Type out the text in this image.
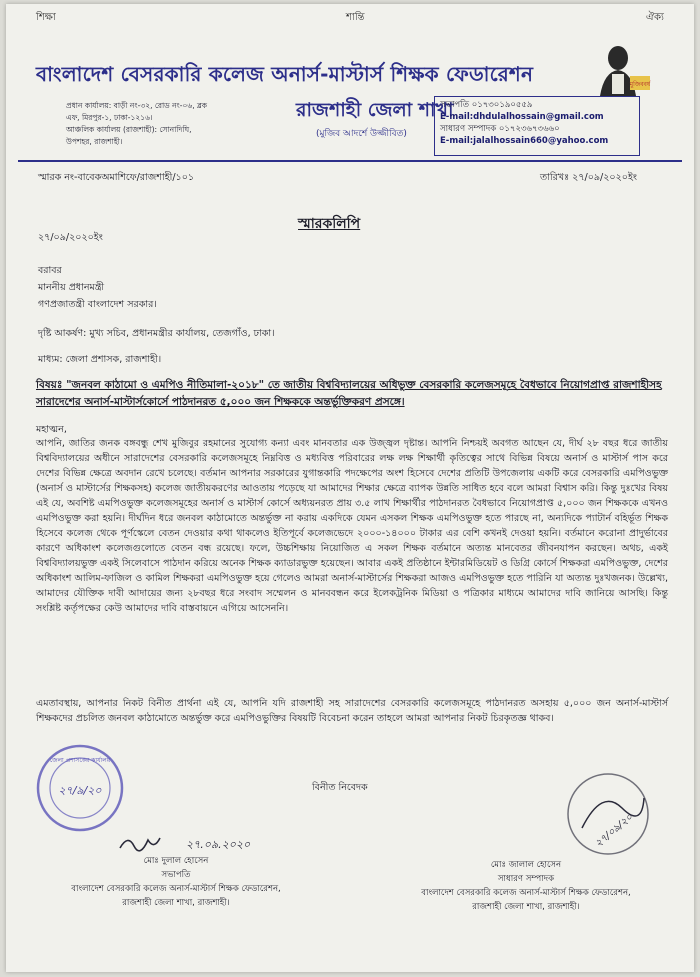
শিক্ষা	শান্তি	ঐক্য
মুজিববর্ষ
বাংলাদেশ বেসরকারি কলেজ অনার্স-মাস্টার্স শিক্ষক ফেডারেশন
প্রধান কার্যালয়: বাড়ী নং-৩২, রোড নং-০৬, ব্লক
এফ, মিরপুর-১, ঢাকা-১২১৬।
আঞ্চলিক কার্যালয় (রাজশাহী): সোনাদিঘি,
উপশহর, রাজশাহী।
রাজশাহী জেলা শাখা
(মুজিব আদর্শে উজ্জীবিত)
সভাপতি ০১৭৩০১৯০৫৫৯
E-mail:dhdulalhossain@gmail.com
সাধারণ সম্পাদক ০১৭২৩৬৭৩৬৬০
E-mail:jalalhossain660@yahoo.com
স্মারক নং-বাবেকঅমাশিফে/রাজশাহী/১০১	তারিখঃ ২৭/০৯/২০২০ইং
স্মারকলিপি
২৭/০৯/২০২০ইং
বরাবর
মাননীয় প্রধানমন্ত্রী
গণপ্রজাতন্ত্রী বাংলাদেশ সরকার।
দৃষ্টি আকর্ষণ: মুখ্য সচিব, প্রধানমন্ত্রীর কার্যালয়, তেজগাঁও, ঢাকা।
মাধ্যম: জেলা প্রশাসক, রাজশাহী।
বিষয়ঃ "জনবল কাঠামো ও এমপিও নীতিমালা-২০১৮" তে জাতীয় বিশ্ববিদ্যালয়ের অধিভুক্ত বেসরকারি কলেজসমূহে বৈধভাবে নিয়োগপ্রাপ্ত রাজশাহীসহ সারাদেশের অনার্স-মাস্টার্সকোর্সে পাঠদানরত ৫,০০০ জন শিক্ষককে অন্তর্ভুক্তিকরণ প্রসঙ্গে।
মহাত্মন,
আপনি, জাতির জনক বঙ্গবন্ধু শেখ মুজিবুর রহমানের সুযোগ্য কন্যা এবং মানবতার এক উজ্জ্বল দৃষ্টান্ত। আপনি নিশ্চয়ই অবগত আছেন যে, দীর্ঘ ২৮ বছর ধরে জাতীয় বিশ্ববিদ্যালয়ের অধীনে সারাদেশের বেসরকারি কলেজসমূহে নিম্নবিত্ত ও মধ্যবিত্ত পরিবারের লক্ষ লক্ষ শিক্ষার্থী কৃতিত্বের সাথে বিভিন্ন বিষয়ে অনার্স ও মাস্টার্স পাস করে দেশের বিভিন্ন ক্ষেত্রে অবদান রেখে চলেছে। বর্তমান আপনার সরকারের যুগান্তকারি পদক্ষেপের অংশ হিসেবে দেশের প্রতিটি উপজেলায় একটি করে বেসরকারি এমপিওভুক্ত (অনার্স ও মাস্টার্সের শিক্ষকসহ) কলেজ জাতীয়করণের আওতায় পড়েছে যা আমাদের শিক্ষার ক্ষেত্রে ব্যাপক উন্নতি সাধিত হবে বলে আমরা বিশ্বাস করি। কিন্তু দুঃখের বিষয় এই যে, অবশিষ্ট এমপিওভুক্ত কলেজসমূহের অনার্স ও মাস্টার্স কোর্সে অধ্যয়নরত প্রায় ৩.৫ লাখ শিক্ষার্থীর পাঠদানরত বৈধভাবে নিয়োগপ্রাপ্ত ৫,০০০ জন শিক্ষককে এখনও এমপিওভুক্ত করা হয়নি। দীর্ঘদিন ধরে জনবল কাঠামোতে অন্তর্ভুক্ত না করায় একদিকে যেমন এসকল শিক্ষক এমপিওভুক্ত হতে পারছে না, অন্যদিকে প্যাটার্ন বহির্ভূত শিক্ষক হিসেবে কলেজ থেকে পূর্ণস্কেলে বেতন দেওয়ার কথা থাকলেও ইতিপূর্বে কলেজভেদে ২০০০-১৪০০০ টাকার এর বেশি কখনই দেওয়া হয়নি। বর্তমানে করোনা প্রাদুর্ভাবের কারণে অধিকাংশ কলেজগুলোতে বেতন বন্ধ রয়েছে। ফলে, উচ্চশিক্ষায় নিয়োজিত এ সকল শিক্ষক বর্তমানে অত্যন্ত মানবেতর জীবনযাপন করছেন। অথচ, একই বিশ্ববিদ্যালয়ভুক্ত একই সিলেবাসে পাঠদান করিয়ে অনেক শিক্ষক ক্যাডারভুক্ত হয়েছেন। আবার একই প্রতিষ্ঠানে ইন্টারমিডিয়েট ও ডিগ্রি কোর্সে শিক্ষকরা এমপিওভুক্ত, দেশের অধিকাংশ আলিম-ফাজিল ও কামিল শিক্ষকরা এমপিওভুক্ত হয়ে গেলেও আমরা অনার্স-মাস্টার্সের শিক্ষকরা আজও এমপিওভুক্ত হতে পারিনি যা অত্যন্ত দুঃখজনক। উল্লেখ্য, আমাদের যৌক্তিক দাবী আদায়ের জন্য ২৮বছর ধরে সংবাদ সম্মেলন ও মানববন্ধন করে ইলেকট্রনিক মিডিয়া ও পত্রিকার মাধ্যমে আমাদের দাবি জানিয়ে আসছি। কিন্তু সংশ্লিষ্ট কর্তৃপক্ষের কেউ আমাদের দাবি বাস্তবায়নে এগিয়ে আসেননি।
এমতাবস্থায়, আপনার নিকট বিনীত প্রার্থনা এই যে, আপনি যদি রাজশাহী সহ সারাদেশের বেসরকারি কলেজসমূহে পাঠদানরত অসহায় ৫,০০০ জন অনার্স-মাস্টার্স শিক্ষকদের প্রচলিত জনবল কাঠামোতে অন্তর্ভুক্ত করে এমপিওভুক্তির বিষয়টি বিবেচনা করেন তাহলে আমরা আপনার নিকট চিরকৃতজ্ঞ থাকব।
বিনীত নিবেদক
জেলা প্রশাসকের কার্যালয়
২৭/৯/২০
২৭/০৯/২০
২৭.০৯.২০২০
মোঃ দুলাল হোসেন
সভাপতি
বাংলাদেশ বেসরকারি কলেজ অনার্স-মাস্টার্স শিক্ষক ফেডারেশন,
রাজশাহী জেলা শাখা, রাজশাহী।
মোঃ জালাল হোসেন
সাধারণ সম্পাদক
বাংলাদেশ বেসরকারি কলেজ অনার্স-মাস্টার্স শিক্ষক ফেডারেশন,
রাজশাহী জেলা শাখা, রাজশাহী।
